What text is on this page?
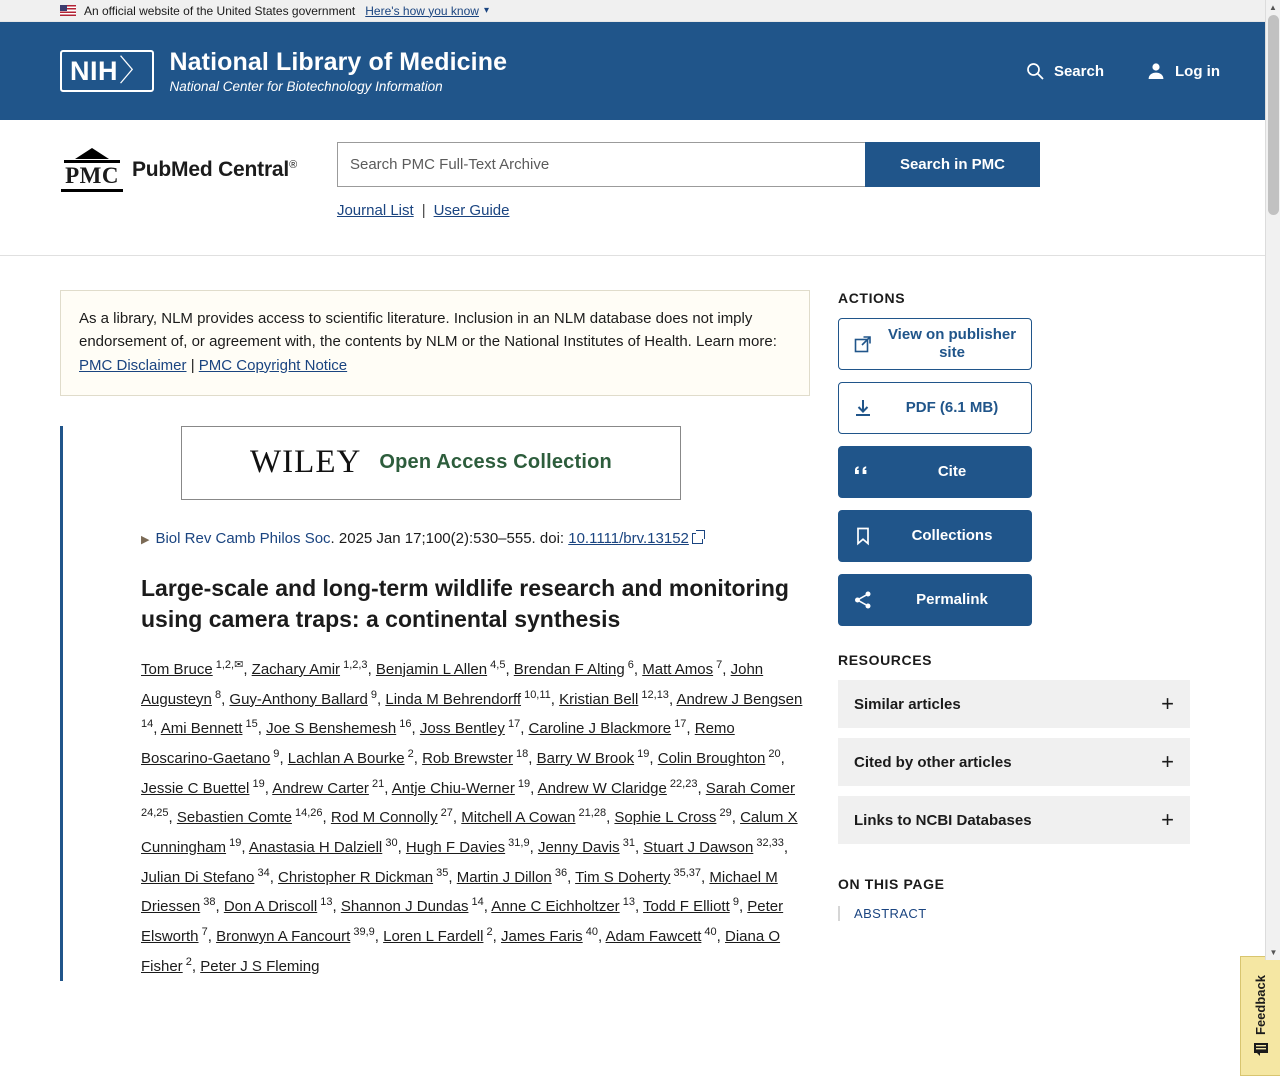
An official website of the United States government Here's how you know ▾
NIH 〉 National Library of Medicine
National Center for Biotechnology Information
Search	Log in
PMC PubMed Central®
Search PMC Full-Text Archive	Search in PMC
Journal List | User Guide
As a library, NLM provides access to scientific literature. Inclusion in an NLM database does not imply endorsement of, or agreement with, the contents by NLM or the National Institutes of Health. Learn more: PMC Disclaimer | PMC Copyright Notice
WILEY Open Access Collection
▶ Biol Rev Camb Philos Soc. 2025 Jan 17;100(2):530–555. doi: 10.1111/brv.13152
Large-scale and long-term wildlife research and monitoring using camera traps: a continental synthesis
Tom Bruce $^{1,2,✉}$, Zachary Amir $^{1,2,3}$, Benjamin L Allen $^{4,5}$, Brendan F Alting $^6$, Matt Amos $^7$, John Augusteyn $^8$, Guy-Anthony Ballard $^9$, Linda M Behrendorff $^{10,11}$, Kristian Bell $^{12,13}$, Andrew J Bengsen $^{14}$, Ami Bennett $^{15}$, Joe S Benshemesh $^{16}$, Joss Bentley $^{17}$, Caroline J Blackmore $^{17}$, Remo Boscarino-Gaetano $^9$, Lachlan A Bourke $^2$, Rob Brewster $^{18}$, Barry W Brook $^{19}$, Colin Broughton $^{20}$, Jessie C Buettel $^{19}$, Andrew Carter $^{21}$, Antje Chiu-Werner $^{19}$, Andrew W Claridge $^{22,23}$, Sarah Comer $^{24,25}$, Sebastien Comte $^{14,26}$, Rod M Connolly $^{27}$, Mitchell A Cowan $^{21,28}$, Sophie L Cross $^{29}$, Calum X Cunningham $^{19}$, Anastasia H Dalziell $^{30}$, Hugh F Davies $^{31,9}$, Jenny Davis $^{31}$, Stuart J Dawson $^{32,33}$, Julian Di Stefano $^{34}$, Christopher R Dickman $^{35}$, Martin J Dillon $^{36}$, Tim S Doherty $^{35,37}$, Michael M Driessen $^{38}$, Don A Driscoll $^{13}$, Shannon J Dundas $^{14}$, Anne C Eichholtzer $^{13}$, Todd F Elliott $^9$, Peter Elsworth $^7$, Bronwyn A Fancourt $^{39,9}$, Loren L Fardell $^2$, James Faris $^{40}$, Adam Fawcett $^{40}$, Diana O Fisher $^2$, Peter J S Fleming
ACTIONS
View on publisher site
PDF (6.1 MB)
Cite
Collections
Permalink
RESOURCES
Similar articles	+
Cited by other articles	+
Links to NCBI Databases	+
ON THIS PAGE
ABSTRACT
Feedback
▲
▼
